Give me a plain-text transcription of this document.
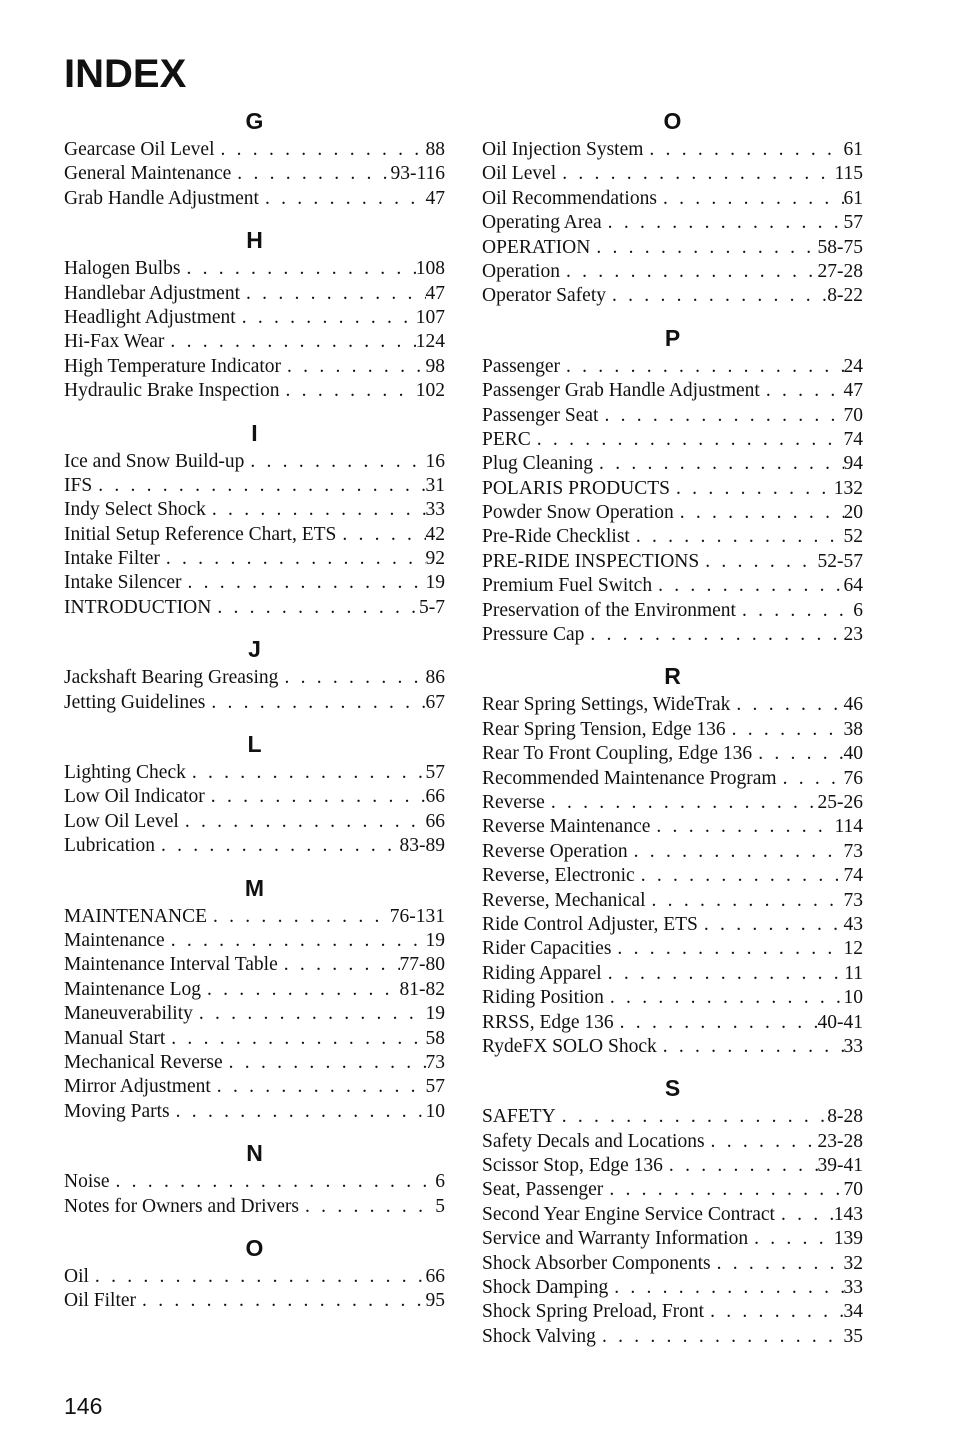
INDEX
G
Gearcase Oil Level . . .	88
General Maintenance . . .	93-116
Grab Handle Adjustment . . .	47
H
Halogen Bulbs . . .	108
Handlebar Adjustment . . .	47
Headlight Adjustment . . .	107
Hi-Fax Wear . . .	124
High Temperature Indicator . . .	98
Hydraulic Brake Inspection . . .	102
I
Ice and Snow Build-up . . .	16
IFS . . .	31
Indy Select Shock . . .	33
Initial Setup Reference Chart, ETS . . .	42
Intake Filter . . .	92
Intake Silencer . . .	19
INTRODUCTION . . .	5-7
J
Jackshaft Bearing Greasing . . .	86
Jetting Guidelines . . .	67
L
Lighting Check . . .	57
Low Oil Indicator . . .	66
Low Oil Level . . .	66
Lubrication . . .	83-89
M
MAINTENANCE . . .	76-131
Maintenance . . .	19
Maintenance Interval Table . . .	77-80
Maintenance Log . . .	81-82
Maneuverability . . .	19
Manual Start . . .	58
Mechanical Reverse . . .	73
Mirror Adjustment . . .	57
Moving Parts . . .	10
N
Noise . . .	6
Notes for Owners and Drivers . . .	5
O
Oil . . .	66
Oil Filter . . .	95
O
Oil Injection System . . .	61
Oil Level . . .	115
Oil Recommendations . . .	61
Operating Area . . .	57
OPERATION . . .	58-75
Operation . . .	27-28
Operator Safety . . .	8-22
P
Passenger . . .	24
Passenger Grab Handle Adjustment . . .	47
Passenger Seat . . .	70
PERC . . .	74
Plug Cleaning . . .	94
POLARIS PRODUCTS . . .	132
Powder Snow Operation . . .	20
Pre-Ride Checklist . . .	52
PRE-RIDE INSPECTIONS . . .	52-57
Premium Fuel Switch . . .	64
Preservation of the Environment . . .	6
Pressure Cap . . .	23
R
Rear Spring Settings, WideTrak . . .	46
Rear Spring Tension, Edge 136 . . .	38
Rear To Front Coupling, Edge 136 . . .	40
Recommended Maintenance Program . . .	76
Reverse . . .	25-26
Reverse Maintenance . . .	114
Reverse Operation . . .	73
Reverse, Electronic . . .	74
Reverse, Mechanical . . .	73
Ride Control Adjuster, ETS . . .	43
Rider Capacities . . .	12
Riding Apparel . . .	11
Riding Position . . .	10
RRSS, Edge 136 . . .	40-41
RydeFX SOLO Shock . . .	33
S
SAFETY . . .	8-28
Safety Decals and Locations . . .	23-28
Scissor Stop, Edge 136 . . .	39-41
Seat, Passenger . . .	70
Second Year Engine Service Contract . . .	143
Service and Warranty Information . . .	139
Shock Absorber Components . . .	32
Shock Damping . . .	33
Shock Spring Preload, Front . . .	34
Shock Valving . . .	35
146
